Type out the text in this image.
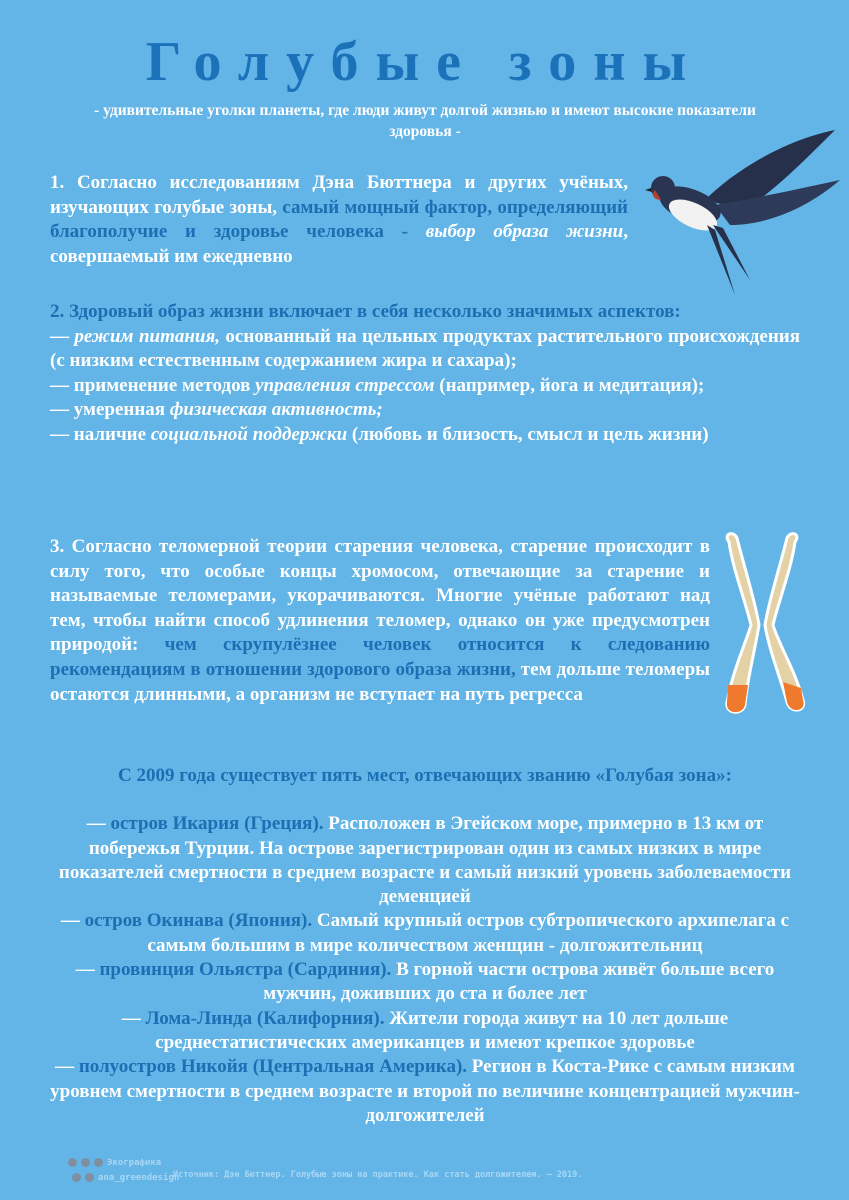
Голубые зоны
- удивительные уголки планеты, где люди живут долгой жизнью и имеют высокие показатели здоровья -
1. Согласно исследованиям Дэна Бюттнера и других учёных, изучающих голубые зоны, самый мощный фактор, определяющий благополучие и здоровье человека - выбор образа жизни, совершаемый им ежедневно
2. Здоровый образ жизни включает в себя несколько значимых аспектов:
— режим питания, основанный на цельных продуктах растительного происхождения (с низким естественным содержанием жира и сахара);
— применение методов управления стрессом (например, йога и медитация);
— умеренная физическая активность;
— наличие социальной поддержки (любовь и близость, смысл и цель жизни)
3. Согласно теломерной теории старения человека, старение происходит в силу того, что особые концы хромосом, отвечающие за старение и называемые теломерами, укорачиваются. Многие учёные работают над тем, чтобы найти способ удлинения теломер, однако он уже предусмотрен природой: чем скрупулёзнее человек относится к следованию рекомендациям в отношении здорового образа жизни, тем дольше теломеры остаются длинными, а организм не вступает на путь регресса
С 2009 года существует пять мест, отвечающих званию «Голубая зона»:
— остров Икария (Греция). Расположен в Эгейском море, примерно в 13 км от побережья Турции. На острове зарегистрирован один из самых низких в мире показателей смертности в среднем возрасте и самый низкий уровень заболеваемости деменцией
— остров Окинава (Япония). Самый крупный остров субтропического архипелага с самым большим в мире количеством женщин - долгожительниц
— провинция Ольястра (Сардиния). В горной части острова живёт больше всего мужчин, доживших до ста и более лет
— Лома-Линда (Калифорния). Жители города живут на 10 лет дольше среднестатистических американцев и имеют крепкое здоровье
— полуостров Никойя (Центральная Америка). Регион в Коста-Рике с самым низким уровнем смертности в среднем возрасте и второй по величине концентрацией мужчин-долгожителей
Экографика
ana_greendesign
Источник: Дэн Бюттнер. Голубые зоны на практике. Как стать долгожителем. — 2019.
